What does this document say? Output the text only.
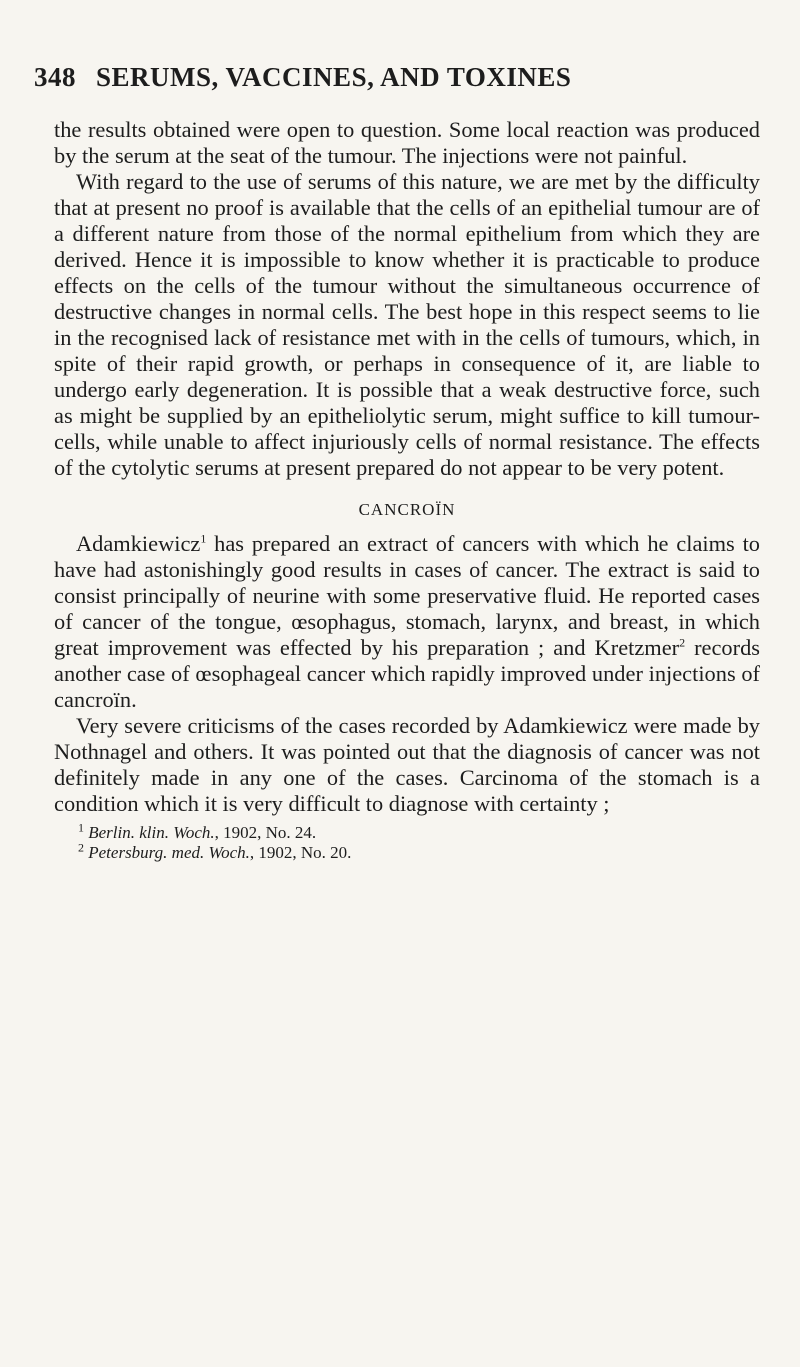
348 SERUMS, VACCINES, AND TOXINES

the results obtained were open to question. Some local reaction was produced by the serum at the seat of the tumour. The injections were not painful.

With regard to the use of serums of this nature, we are met by the difficulty that at present no proof is available that the cells of an epithelial tumour are of a different nature from those of the normal epithelium from which they are derived. Hence it is impossible to know whether it is practicable to produce effects on the cells of the tumour without the simultaneous occurrence of destructive changes in normal cells. The best hope in this respect seems to lie in the recognised lack of resistance met with in the cells of tumours, which, in spite of their rapid growth, or perhaps in consequence of it, are liable to undergo early degeneration. It is possible that a weak destructive force, such as might be supplied by an epitheliolytic serum, might suffice to kill tumour-cells, while unable to affect injuriously cells of normal resistance. The effects of the cytolytic serums at present prepared do not appear to be very potent.

CANCROÏN

Adamkiewicz$^1$ has prepared an extract of cancers with which he claims to have had astonishingly good results in cases of cancer. The extract is said to consist principally of neurine with some preservative fluid. He reported cases of cancer of the tongue, œsophagus, stomach, larynx, and breast, in which great improvement was effected by his preparation ; and Kretzmer$^2$ records another case of œsophageal cancer which rapidly improved under injections of cancroïn.

Very severe criticisms of the cases recorded by Adamkiewicz were made by Nothnagel and others. It was pointed out that the diagnosis of cancer was not definitely made in any one of the cases. Carcinoma of the stomach is a condition which it is very difficult to diagnose with certainty ;

$^1$ Berlin. klin. Woch., 1902, No. 24.
$^2$ Petersburg. med. Woch., 1902, No. 20.
